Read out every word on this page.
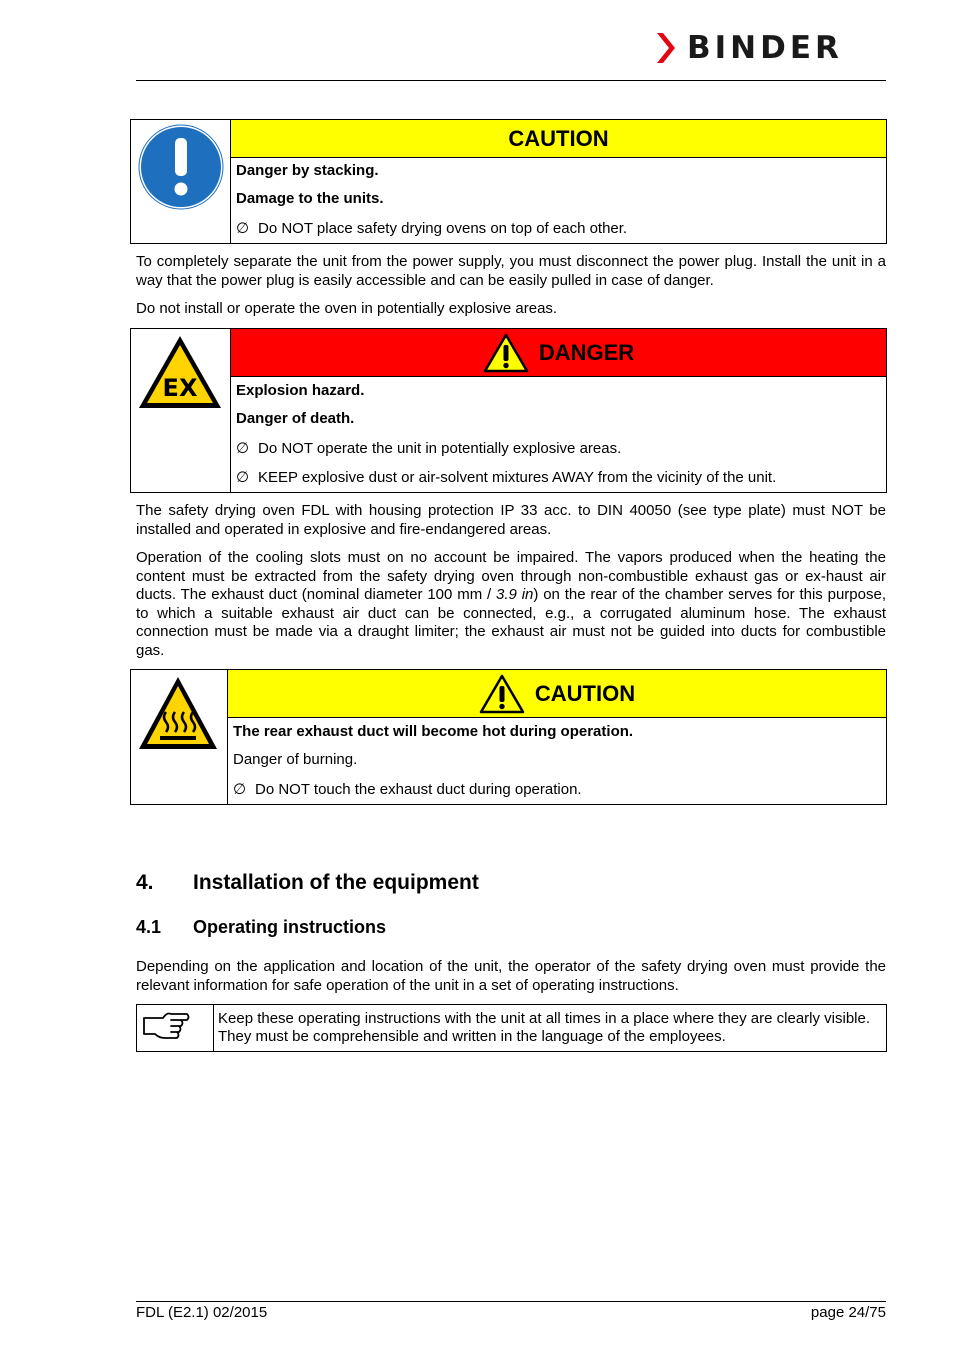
BINDER
CAUTION
Danger by stacking.
Damage to the units.
∅ Do NOT place safety drying ovens on top of each other.
To completely separate the unit from the power supply, you must disconnect the power plug. Install the unit in a way that the power plug is easily accessible and can be easily pulled in case of danger.
Do not install or operate the oven in potentially explosive areas.
EX
DANGER
Explosion hazard.
Danger of death.
∅ Do NOT operate the unit in potentially explosive areas.
∅ KEEP explosive dust or air-solvent mixtures AWAY from the vicinity of the unit.
The safety drying oven FDL with housing protection IP 33 acc. to DIN 40050 (see type plate) must NOT be installed and operated in explosive and fire-endangered areas.
Operation of the cooling slots must on no account be impaired. The vapors produced when the heating the content must be extracted from the safety drying oven through non-combustible exhaust gas or ex-haust air ducts. The exhaust duct (nominal diameter 100 mm / 3.9 in) on the rear of the chamber serves for this purpose, to which a suitable exhaust air duct can be connected, e.g., a corrugated aluminum hose. The exhaust connection must be made via a draught limiter; the exhaust air must not be guided into ducts for combustible gas.
CAUTION
The rear exhaust duct will become hot during operation.
Danger of burning.
∅ Do NOT touch the exhaust duct during operation.
4. Installation of the equipment
4.1 Operating instructions
Depending on the application and location of the unit, the operator of the safety drying oven must provide the relevant information for safe operation of the unit in a set of operating instructions.
Keep these operating instructions with the unit at all times in a place where they are clearly visible. They must be comprehensible and written in the language of the employees.
FDL (E2.1) 02/2015	page 24/75
